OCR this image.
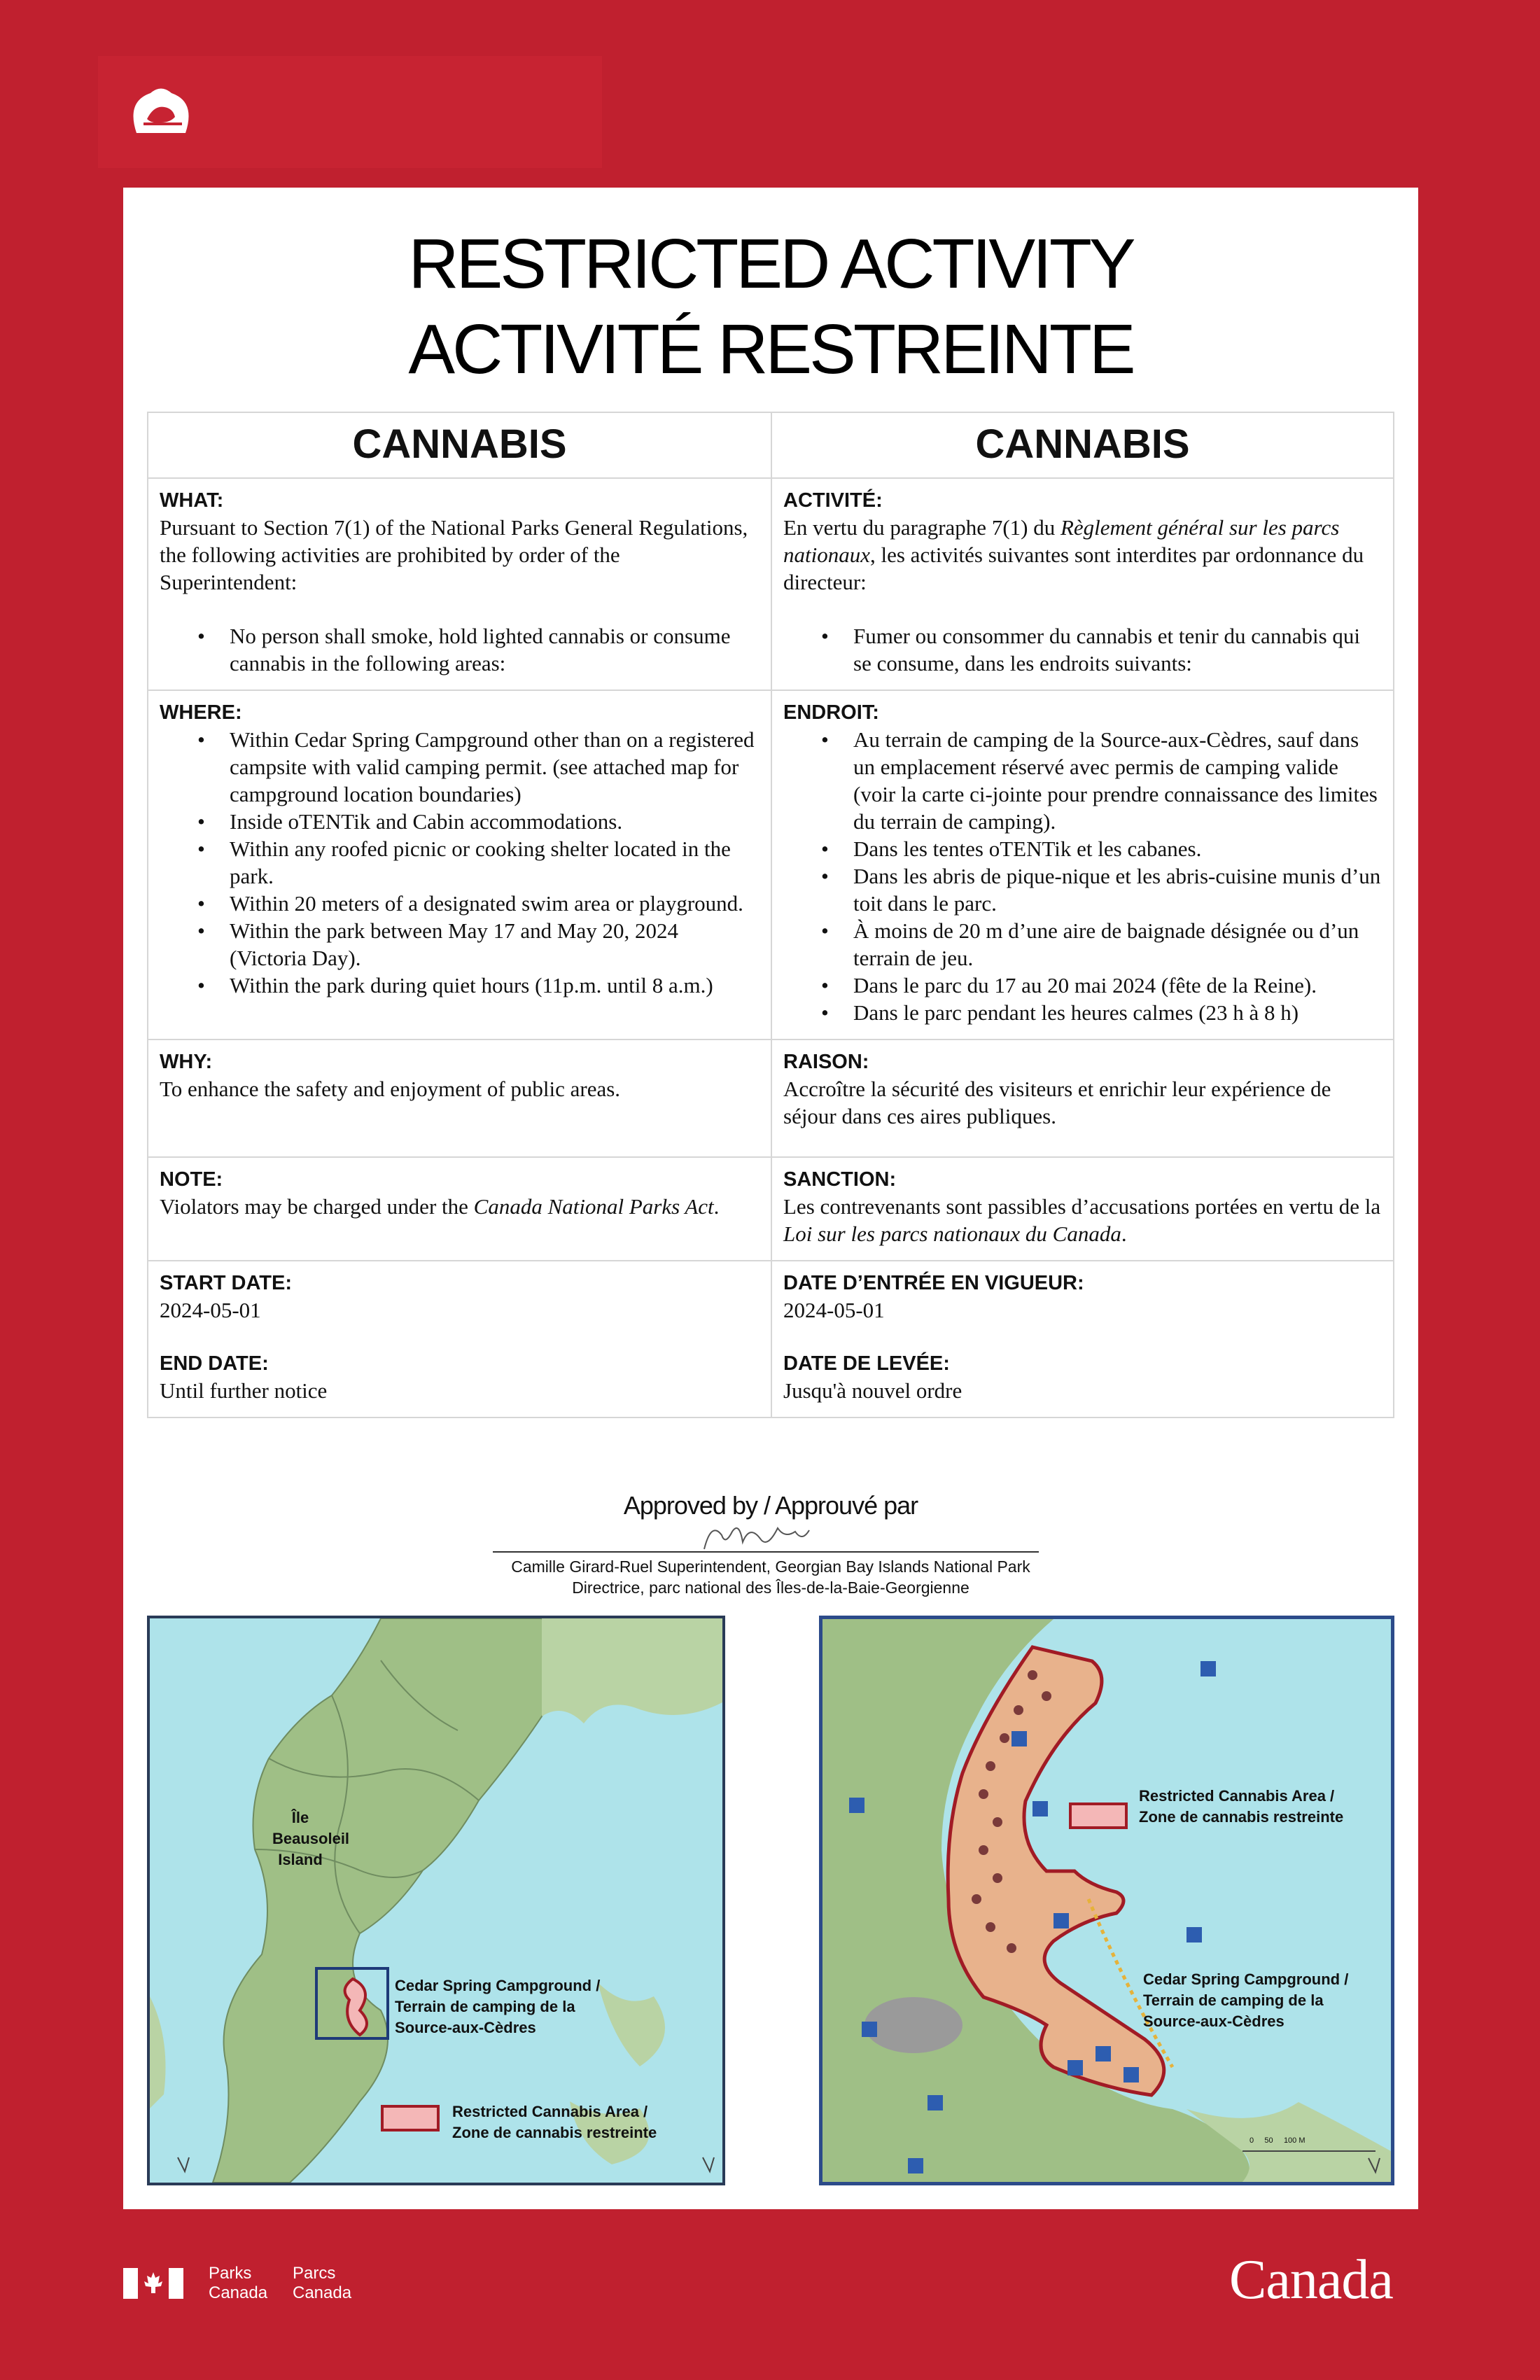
RESTRICTED ACTIVITY
ACTIVITÉ RESTREINTE
CANNABIS	CANNABIS
WHAT:
Pursuant to Section 7(1) of the National Parks General Regulations, the following activities are prohibited by order of the Superintendent:
• No person shall smoke, hold lighted cannabis or consume cannabis in the following areas:
ACTIVITÉ:
En vertu du paragraphe 7(1) du Règlement général sur les parcs nationaux, les activités suivantes sont interdites par ordonnance du directeur:
• Fumer ou consommer du cannabis et tenir du cannabis qui se consume, dans les endroits suivants:
WHERE:
• Within Cedar Spring Campground other than on a registered campsite with valid camping permit. (see attached map for campground location boundaries)
• Inside oTENTik and Cabin accommodations.
• Within any roofed picnic or cooking shelter located in the park.
• Within 20 meters of a designated swim area or playground.
• Within the park between May 17 and May 20, 2024 (Victoria Day).
• Within the park during quiet hours (11p.m. until 8 a.m.)
ENDROIT:
• Au terrain de camping de la Source-aux-Cèdres, sauf dans un emplacement réservé avec permis de camping valide (voir la carte ci-jointe pour prendre connaissance des limites du terrain de camping).
• Dans les tentes oTENTik et les cabanes.
• Dans les abris de pique-nique et les abris-cuisine munis d’un toit dans le parc.
• À moins de 20 m d’une aire de baignade désignée ou d’un terrain de jeu.
• Dans le parc du 17 au 20 mai 2024 (fête de la Reine).
• Dans le parc pendant les heures calmes (23 h à 8 h)
WHY:
To enhance the safety and enjoyment of public areas.
RAISON:
Accroître la sécurité des visiteurs et enrichir leur expérience de séjour dans ces aires publiques.
NOTE:
Violators may be charged under the Canada National Parks Act.
SANCTION:
Les contrevenants sont passibles d’accusations portées en vertu de la Loi sur les parcs nationaux du Canada.
START DATE:
2024-05-01
END DATE:
Until further notice
DATE D’ENTRÉE EN VIGUEUR:
2024-05-01
DATE DE LEVÉE:
Jusqu'à nouvel ordre
Approved by / Approuvé par
Camille Girard-Ruel Superintendent, Georgian Bay Islands National Park
Directrice, parc national des Îles-de-la-Baie-Georgienne
Île
Beausoleil
Island
Cedar Spring Campground /
Terrain de camping de la
Source-aux-Cèdres
Restricted Cannabis Area /
Zone de cannabis restreinte
Restricted Cannabis Area /
Zone de cannabis restreinte
Cedar Spring Campground /
Terrain de camping de la
Source-aux-Cèdres
0 50 100 M
Parks
Canada
Parcs
Canada	Canada
